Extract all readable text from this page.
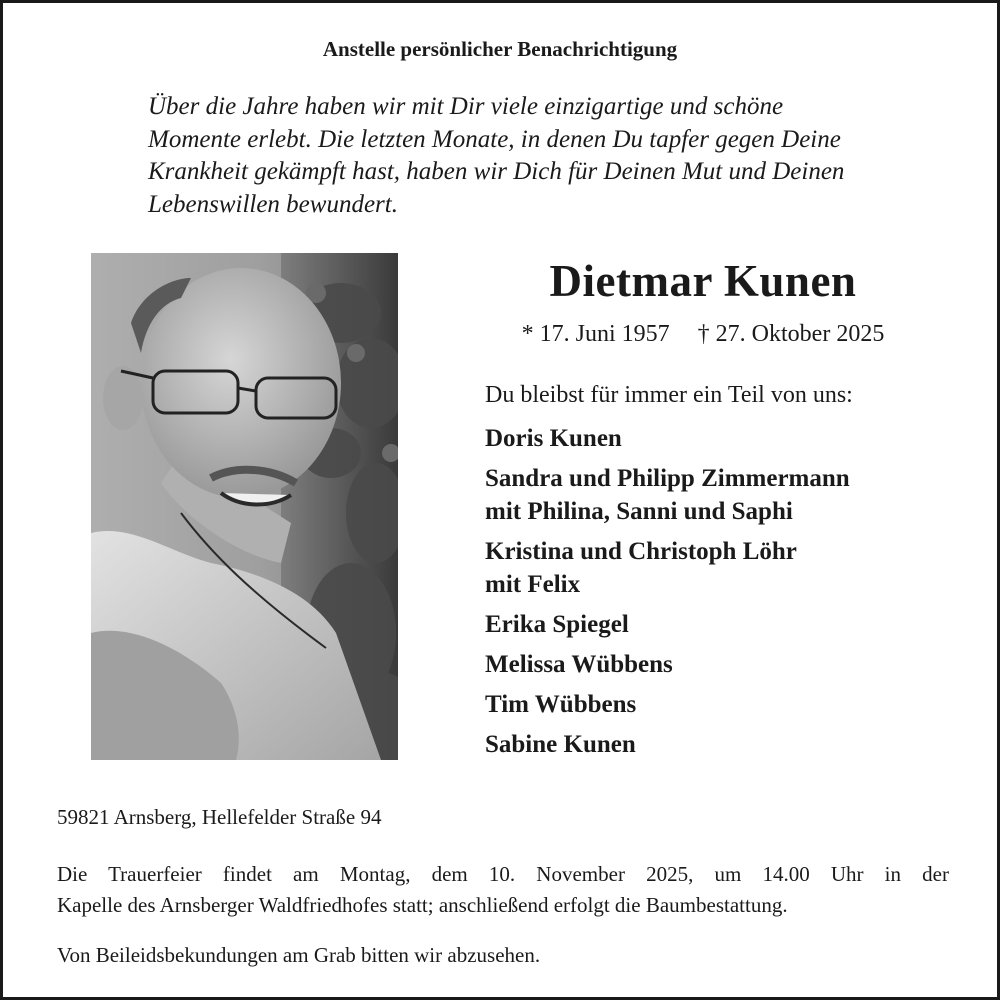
Anstelle persönlicher Benachrichtigung
Über die Jahre haben wir mit Dir viele einzigartige und schöne
Momente erlebt. Die letzten Monate, in denen Du tapfer gegen Deine
Krankheit gekämpft hast, haben wir Dich für Deinen Mut und Deinen
Lebenswillen bewundert.
Dietmar Kunen
* 17. Juni 1957 † 27. Oktober 2025
Du bleibst für immer ein Teil von uns:
Doris Kunen
Sandra und Philipp Zimmermann
mit Philina, Sanni und Saphi
Kristina und Christoph Löhr
mit Felix
Erika Spiegel
Melissa Wübbens
Tim Wübbens
Sabine Kunen
59821 Arnsberg, Hellefelder Straße 94
Die Trauerfeier findet am Montag, dem 10. November 2025, um 14.00 Uhr in der
Kapelle des Arnsberger Waldfriedhofes statt; anschließend erfolgt die Baumbestattung.
Von Beileidsbekundungen am Grab bitten wir abzusehen.
